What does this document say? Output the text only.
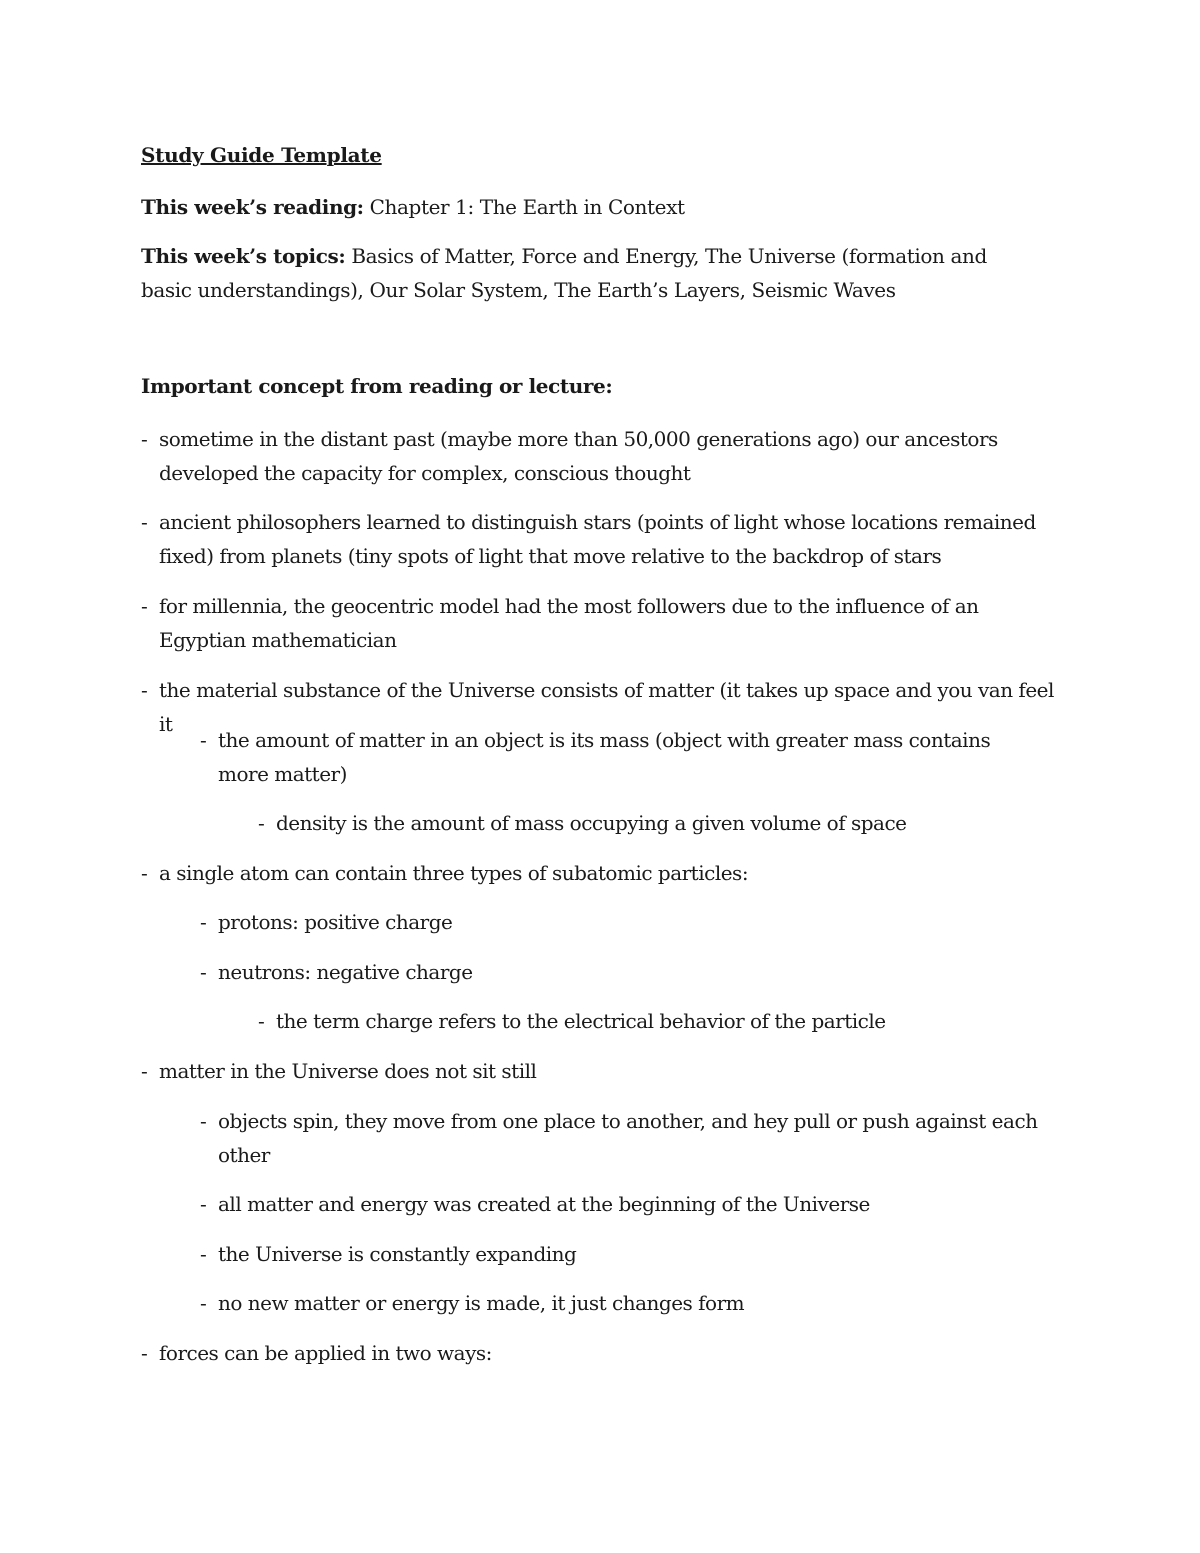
Study Guide Template
This week’s reading: Chapter 1: The Earth in Context
This week’s topics: Basics of Matter, Force and Energy, The Universe (formation and basic understandings), Our Solar System, The Earth’s Layers, Seismic Waves
Important concept from reading or lecture:
- sometime in the distant past (maybe more than 50,000 generations ago) our ancestors developed the capacity for complex, conscious thought
- ancient philosophers learned to distinguish stars (points of light whose locations remained fixed) from planets (tiny spots of light that move relative to the backdrop of stars
- for millennia, the geocentric model had the most followers due to the influence of an Egyptian mathematician
- the material substance of the Universe consists of matter (it takes up space and you van feel it
- the amount of matter in an object is its mass (object with greater mass contains more matter)
- density is the amount of mass occupying a given volume of space
- a single atom can contain three types of subatomic particles:
- protons: positive charge
- neutrons: negative charge
- the term charge refers to the electrical behavior of the particle
- matter in the Universe does not sit still
- objects spin, they move from one place to another, and hey pull or push against each other
- all matter and energy was created at the beginning of the Universe
- the Universe is constantly expanding
- no new matter or energy is made, it just changes form
- forces can be applied in two ways:
